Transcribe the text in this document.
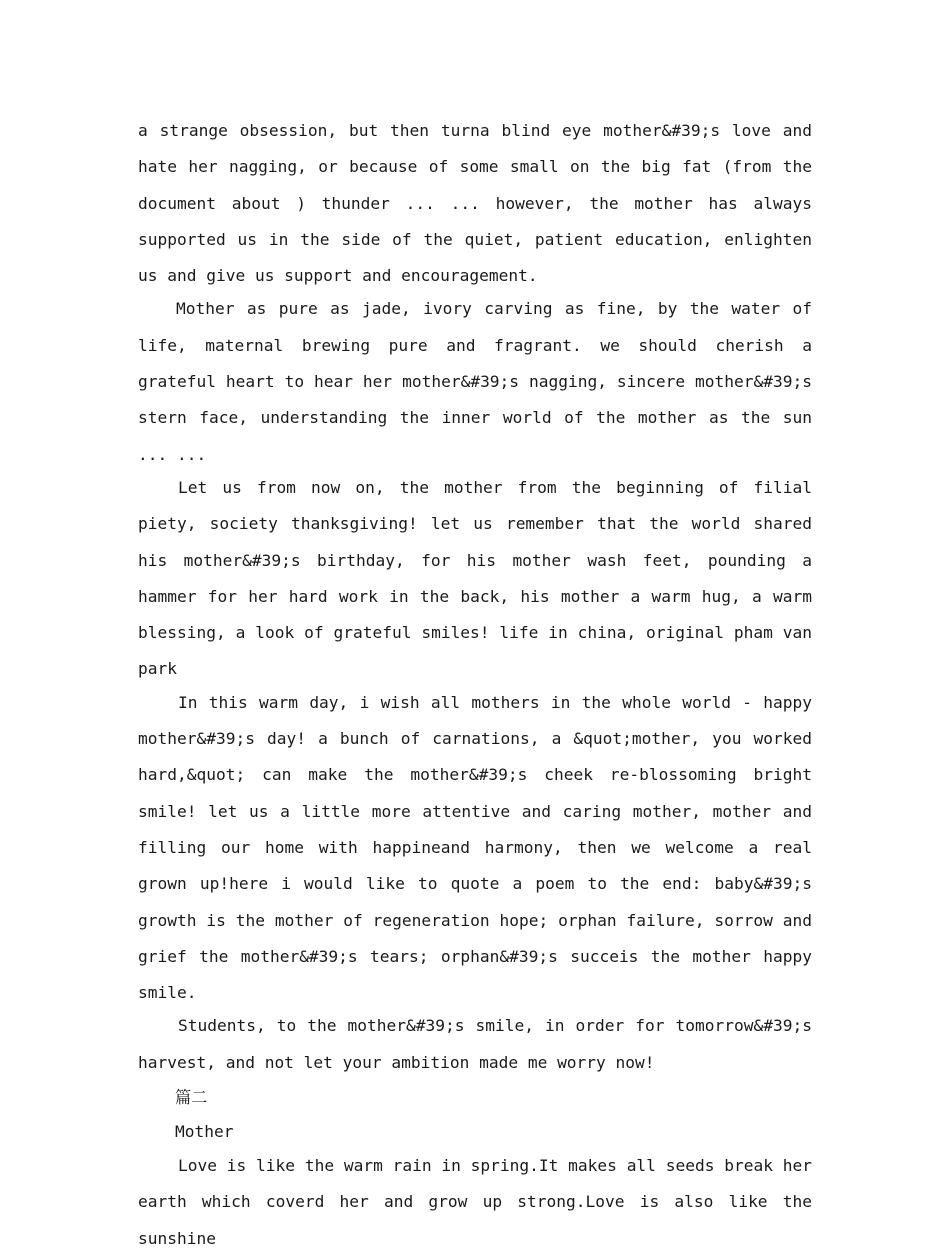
a strange obsession, but then turna blind eye mother&#39;s love and hate her nagging, or because of some small on the big fat (from the document about ) thunder ... ... however, the mother has always supported us in the side of the quiet, patient education, enlighten us and give us support and encouragement.

Mother as pure as jade, ivory carving as fine, by the water of life, maternal brewing pure and fragrant. we should cherish a grateful heart to hear her mother&#39;s nagging, sincere mother&#39;s stern face, understanding the inner world of the mother as the sun ... ...

Let us from now on, the mother from the beginning of filial piety, society thanksgiving! let us remember that the world shared his mother&#39;s birthday, for his mother wash feet, pounding a hammer for her hard work in the back, his mother a warm hug, a warm blessing, a look of grateful smiles! life in china, original pham van park

In this warm day, i wish all mothers in the whole world - happy mother&#39;s day! a bunch of carnations, a &quot;mother, you worked hard,&quot; can make the mother&#39;s cheek re-blossoming bright smile! let us a little more attentive and caring mother, mother and filling our home with happineand harmony, then we welcome a real grown up!here i would like to quote a poem to the end: baby&#39;s growth is the mother of regeneration hope; orphan failure, sorrow and grief the mother&#39;s tears; orphan&#39;s succeis the mother happy smile.

Students, to the mother&#39;s smile, in order for tomorrow&#39;s harvest, and not let your ambition made me worry now!

篇二

Mother

Love is like the warm rain in spring.It makes all seeds break her earth which coverd her and grow up strong.Love is also like the sunshine
